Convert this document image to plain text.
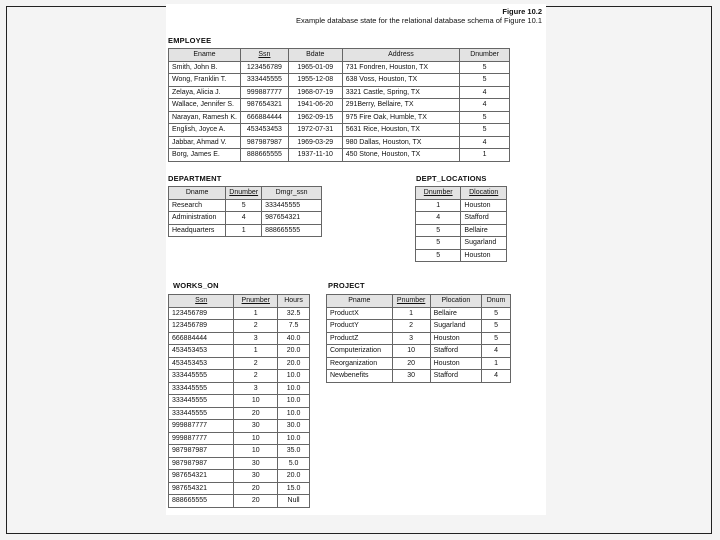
Figure 10.2
Example database state for the relational database schema of Figure 10.1
EMPLOYEE
Ename	Ssn	Bdate	Address	Dnumber
Smith, John B.	123456789	1965-01-09	731 Fondren, Houston, TX	5
Wong, Franklin T.	333445555	1955-12-08	638 Voss, Houston, TX	5
Zelaya, Alicia J.	999887777	1968-07-19	3321 Castle, Spring, TX	4
Wallace, Jennifer S.	987654321	1941-06-20	291Berry, Bellaire, TX	4
Narayan, Ramesh K.	666884444	1962-09-15	975 Fire Oak, Humble, TX	5
English, Joyce A.	453453453	1972-07-31	5631 Rice, Houston, TX	5
Jabbar, Ahmad V.	987987987	1969-03-29	980 Dallas, Houston, TX	4
Borg, James E.	888665555	1937-11-10	450 Stone, Houston, TX	1
DEPARTMENT
Dname	Dnumber	Dmgr_ssn
Research	5	333445555
Administration	4	987654321
Headquarters	1	888665555
DEPT_LOCATIONS
Dnumber	Dlocation
1	Houston
4	Stafford
5	Bellaire
5	Sugarland
5	Houston
WORKS_ON
Ssn	Pnumber	Hours
123456789	1	32.5
123456789	2	7.5
666884444	3	40.0
453453453	1	20.0
453453453	2	20.0
333445555	2	10.0
333445555	3	10.0
333445555	10	10.0
333445555	20	10.0
999887777	30	30.0
999887777	10	10.0
987987987	10	35.0
987987987	30	5.0
987654321	30	20.0
987654321	20	15.0
888665555	20	Null
PROJECT
Pname	Pnumber	Plocation	Dnum
ProductX	1	Bellaire	5
ProductY	2	Sugarland	5
ProductZ	3	Houston	5
Computerization	10	Stafford	4
Reorganization	20	Houston	1
Newbenefits	30	Stafford	4
